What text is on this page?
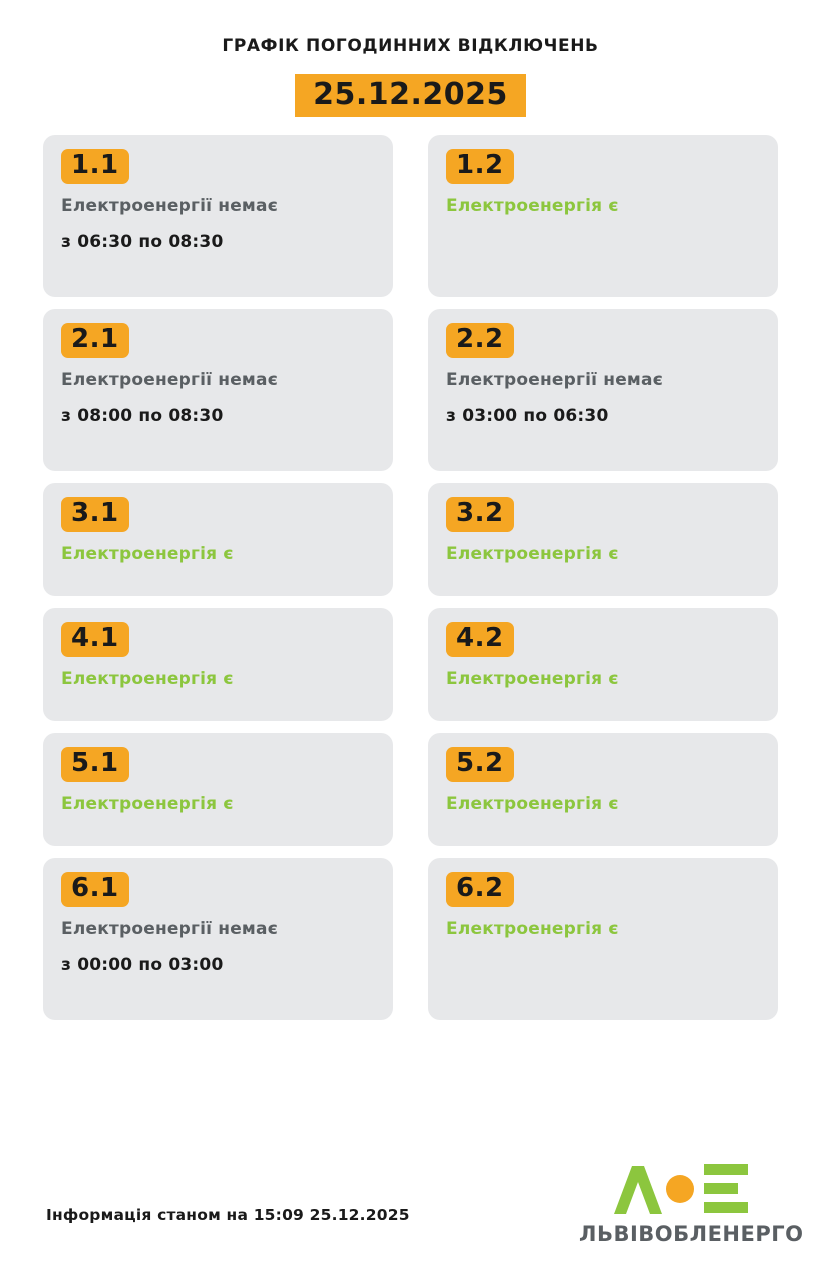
ГРАФІК ПОГОДИННИХ ВІДКЛЮЧЕНЬ
25.12.2025
1.1
Електроенергії немає
з 06:30 по 08:30
1.2
Електроенергія є
2.1
Електроенергії немає
з 08:00 по 08:30
2.2
Електроенергії немає
з 03:00 по 06:30
3.1
Електроенергія є
3.2
Електроенергія є
4.1
Електроенергія є
4.2
Електроенергія є
5.1
Електроенергія є
5.2
Електроенергія є
6.1
Електроенергії немає
з 00:00 по 03:00
6.2
Електроенергія є
Інформація станом на 15:09 25.12.2025
ЛЬВІВОБЛЕНЕРГО
